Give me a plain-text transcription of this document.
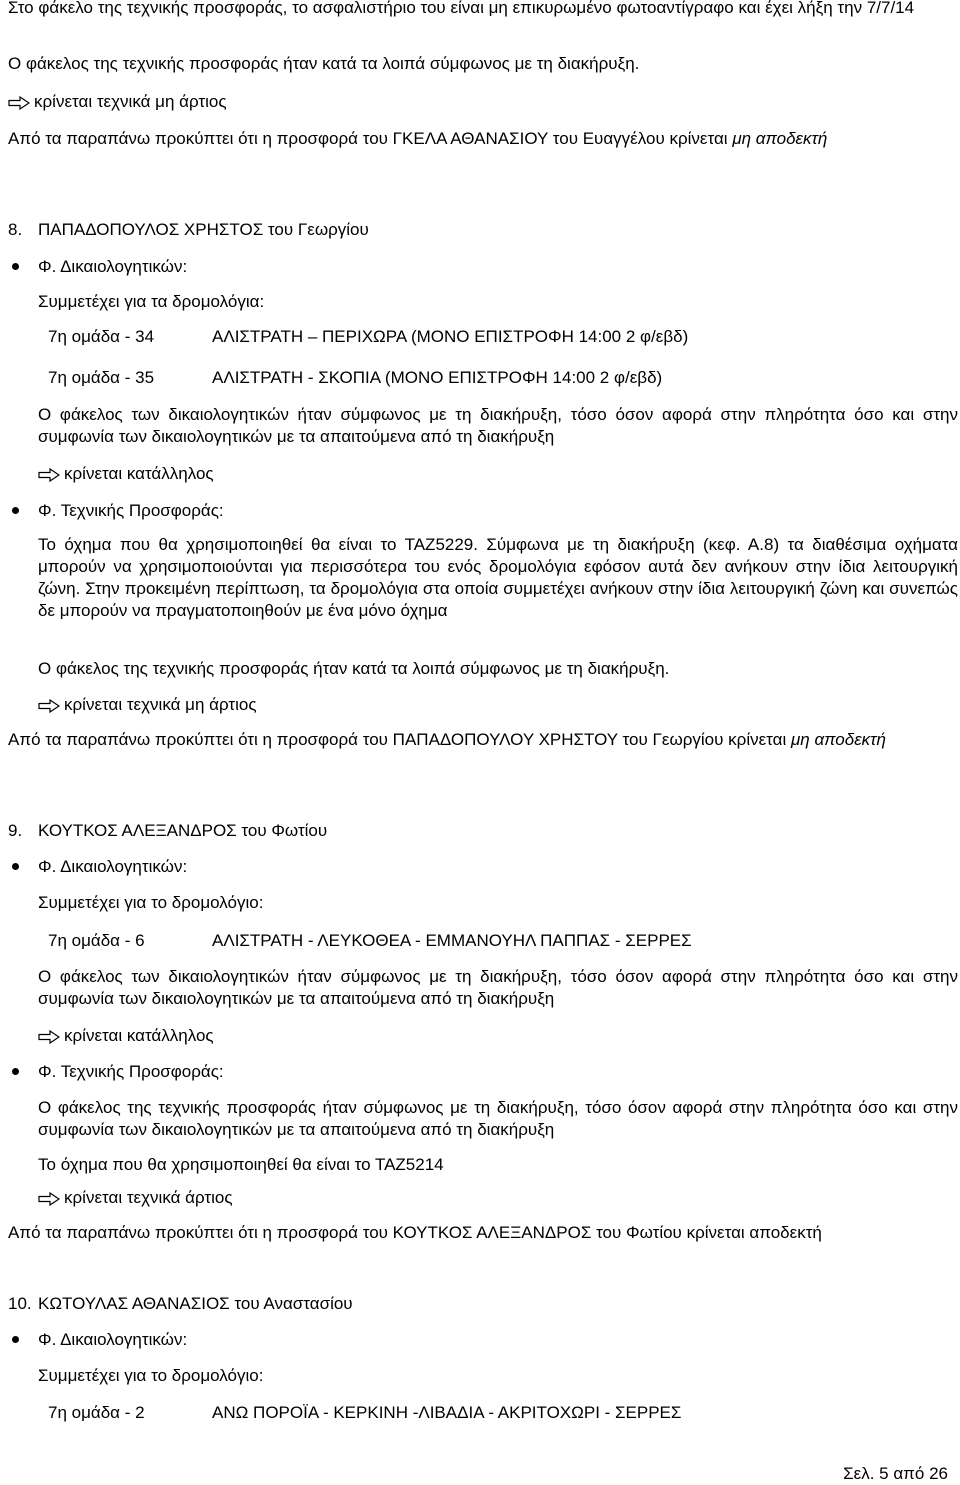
Στο φάκελο της τεχνικής προσφοράς, το ασφαλιστήριο του είναι μη επικυρωμένο φωτοαντίγραφο και έχει λήξη την 7/7/14
Ο φάκελος της τεχνικής προσφοράς ήταν κατά τα λοιπά σύμφωνος με τη διακήρυξη.
κρίνεται τεχνικά μη άρτιος
Από τα παραπάνω προκύπτει ότι η προσφορά του ΓΚΕΛΑ ΑΘΑΝΑΣΙΟΥ του Ευαγγέλου κρίνεται μη αποδεκτή
8. ΠΑΠΑΔΟΠΟΥΛΟΣ ΧΡΗΣΤΟΣ του Γεωργίου
Φ. Δικαιολογητικών:
Συμμετέχει για τα δρομολόγια:
7η ομάδα - 34	ΑΛΙΣΤΡΑΤΗ – ΠΕΡΙΧΩΡΑ (ΜΟΝΟ ΕΠΙΣΤΡΟΦΗ 14:00 2 φ/εβδ)
7η ομάδα - 35	ΑΛΙΣΤΡΑΤΗ - ΣΚΟΠΙΑ (ΜΟΝΟ ΕΠΙΣΤΡΟΦΗ 14:00 2 φ/εβδ)
Ο φάκελος των δικαιολογητικών ήταν σύμφωνος με τη διακήρυξη, τόσο όσον αφορά στην πληρότητα όσο και στην συμφωνία των δικαιολογητικών με τα απαιτούμενα από τη διακήρυξη
κρίνεται κατάλληλος
Φ. Τεχνικής Προσφοράς:
Το όχημα που θα χρησιμοποιηθεί θα είναι το ΤΑΖ5229. Σύμφωνα με τη διακήρυξη (κεφ. Α.8) τα διαθέσιμα οχήματα μπορούν να χρησιμοποιούνται για περισσότερα του ενός δρομολόγια εφόσον αυτά δεν ανήκουν στην ίδια λειτουργική ζώνη. Στην προκειμένη περίπτωση, τα δρομολόγια στα οποία συμμετέχει ανήκουν στην ίδια λειτουργική ζώνη και συνεπώς δε μπορούν να πραγματοποιηθούν με ένα μόνο όχημα
Ο φάκελος της τεχνικής προσφοράς ήταν κατά τα λοιπά σύμφωνος με τη διακήρυξη.
κρίνεται τεχνικά μη άρτιος
Από τα παραπάνω προκύπτει ότι η προσφορά του ΠΑΠΑΔΟΠΟΥΛΟΥ ΧΡΗΣΤΟΥ του Γεωργίου κρίνεται μη αποδεκτή
9. ΚΟΥΤΚΟΣ ΑΛΕΞΑΝΔΡΟΣ του Φωτίου
Φ. Δικαιολογητικών:
Συμμετέχει για το δρομολόγιο:
7η ομάδα - 6	ΑΛΙΣΤΡΑΤΗ - ΛΕΥΚΟΘΕΑ - ΕΜΜΑΝΟΥΗΛ ΠΑΠΠΑΣ - ΣΕΡΡΕΣ
Ο φάκελος των δικαιολογητικών ήταν σύμφωνος με τη διακήρυξη, τόσο όσον αφορά στην πληρότητα όσο και στην συμφωνία των δικαιολογητικών με τα απαιτούμενα από τη διακήρυξη
κρίνεται κατάλληλος
Φ. Τεχνικής Προσφοράς:
Ο φάκελος της τεχνικής προσφοράς ήταν σύμφωνος με τη διακήρυξη, τόσο όσον αφορά στην πληρότητα όσο και στην συμφωνία των δικαιολογητικών με τα απαιτούμενα από τη διακήρυξη
Το όχημα που θα χρησιμοποιηθεί θα είναι το ΤΑΖ5214
κρίνεται τεχνικά άρτιος
Από τα παραπάνω προκύπτει ότι η προσφορά του ΚΟΥΤΚΟΣ ΑΛΕΞΑΝΔΡΟΣ του Φωτίου κρίνεται αποδεκτή
10. ΚΩΤΟΥΛΑΣ ΑΘΑΝΑΣΙΟΣ του Αναστασίου
Φ. Δικαιολογητικών:
Συμμετέχει για το δρομολόγιο:
7η ομάδα - 2	ΑΝΩ ΠΟΡΟΪΑ - ΚΕΡΚΙΝΗ -ΛΙΒΑΔΙΑ - ΑΚΡΙΤΟΧΩΡΙ - ΣΕΡΡΕΣ
Σελ. 5 από 26
